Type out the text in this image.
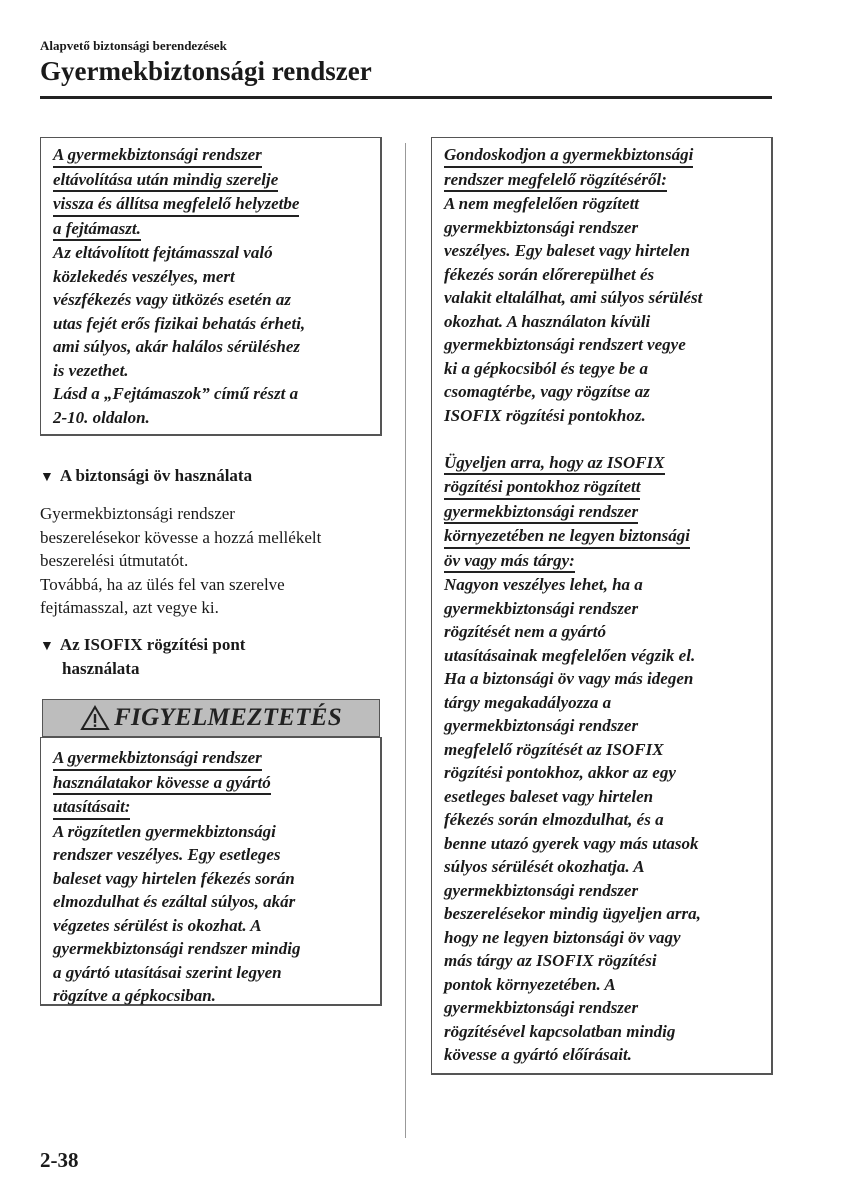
Alapvető biztonsági berendezések
Gyermekbiztonsági rendszer
A gyermekbiztonsági rendszer
eltávolítása után mindig szerelje
vissza és állítsa megfelelő helyzetbe
a fejtámaszt.
Az eltávolított fejtámasszal való
közlekedés veszélyes, mert
vészfékezés vagy ütközés esetén az
utas fejét erős fizikai behatás érheti,
ami súlyos, akár halálos sérüléshez
is vezethet.
Lásd a „Fejtámaszok” című részt a
2-10. oldalon.
▼ A biztonsági öv használata
Gyermekbiztonsági rendszer
beszerelésekor kövesse a hozzá mellékelt
beszerelési útmutatót.
Továbbá, ha az ülés fel van szerelve
fejtámasszal, azt vegye ki.
▼ Az ISOFIX rögzítési pont
használata
FIGYELMEZTETÉS
A gyermekbiztonsági rendszer
használatakor kövesse a gyártó
utasításait:
A rögzítetlen gyermekbiztonsági
rendszer veszélyes. Egy esetleges
baleset vagy hirtelen fékezés során
elmozdulhat és ezáltal súlyos, akár
végzetes sérülést is okozhat. A
gyermekbiztonsági rendszer mindig
a gyártó utasításai szerint legyen
rögzítve a gépkocsiban.
Gondoskodjon a gyermekbiztonsági
rendszer megfelelő rögzítéséről:
A nem megfelelően rögzített
gyermekbiztonsági rendszer
veszélyes. Egy baleset vagy hirtelen
fékezés során előrerepülhet és
valakit eltalálhat, ami súlyos sérülést
okozhat. A használaton kívüli
gyermekbiztonsági rendszert vegye
ki a gépkocsiból és tegye be a
csomagtérbe, vagy rögzítse az
ISOFIX rögzítési pontokhoz.
Ügyeljen arra, hogy az ISOFIX
rögzítési pontokhoz rögzített
gyermekbiztonsági rendszer
környezetében ne legyen biztonsági
öv vagy más tárgy:
Nagyon veszélyes lehet, ha a
gyermekbiztonsági rendszer
rögzítését nem a gyártó
utasításainak megfelelően végzik el.
Ha a biztonsági öv vagy más idegen
tárgy megakadályozza a
gyermekbiztonsági rendszer
megfelelő rögzítését az ISOFIX
rögzítési pontokhoz, akkor az egy
esetleges baleset vagy hirtelen
fékezés során elmozdulhat, és a
benne utazó gyerek vagy más utasok
súlyos sérülését okozhatja. A
gyermekbiztonsági rendszer
beszerelésekor mindig ügyeljen arra,
hogy ne legyen biztonsági öv vagy
más tárgy az ISOFIX rögzítési
pontok környezetében. A
gyermekbiztonsági rendszer
rögzítésével kapcsolatban mindig
kövesse a gyártó előírásait.
2-38
